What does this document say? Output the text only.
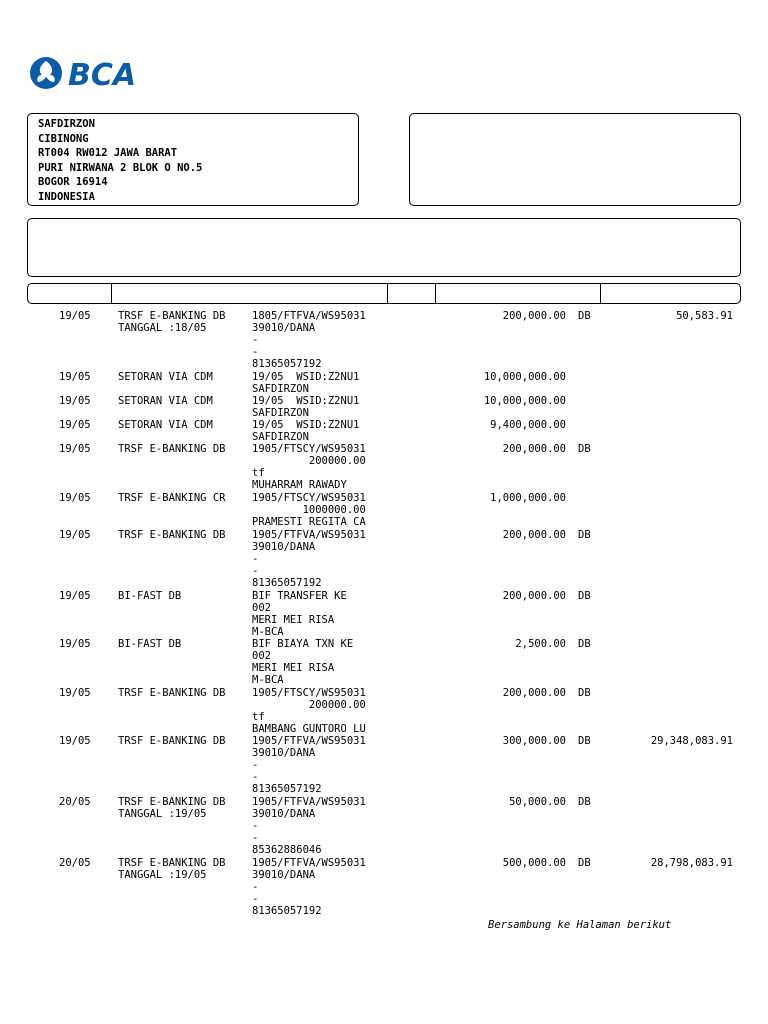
BANK BCA BCA
SAFDIRZON
CIBINONG
RT004 RW012 JAWA BARAT
PURI NIRWANA 2 BLOK O NO.5
BOGOR 16914
INDONESIA
19/05	TRSF E-BANKING DB
TANGGAL :18/05
1805/FTFVA/WS95031
39010/DANA
-
-
81365057192
200,000.00 DB	50,583.91
19/05	SETORAN VIA CDM	19/05  WSID:Z2NU1
SAFDIRZON
10,000,000.00
19/05	SETORAN VIA CDM	19/05  WSID:Z2NU1
SAFDIRZON
10,000,000.00
19/05	SETORAN VIA CDM	19/05  WSID:Z2NU1
SAFDIRZON
9,400,000.00
19/05	TRSF E-BANKING DB	1905/FTSCY/WS95031
200000.00
tf
MUHARRAM RAWADY
200,000.00 DB
19/05	TRSF E-BANKING CR	1905/FTSCY/WS95031
1000000.00
PRAMESTI REGITA CA
1,000,000.00
19/05	TRSF E-BANKING DB	1905/FTFVA/WS95031
39010/DANA
-
-
81365057192
200,000.00 DB
19/05	BI-FAST DB	BIF TRANSFER KE
002
MERI MEI RISA
M-BCA
200,000.00 DB
19/05	BI-FAST DB	BIF BIAYA TXN KE
002
MERI MEI RISA
M-BCA
2,500.00 DB
19/05	TRSF E-BANKING DB	1905/FTSCY/WS95031
200000.00
tf
BAMBANG GUNTORO LU
200,000.00 DB
19/05	TRSF E-BANKING DB	1905/FTFVA/WS95031
39010/DANA
-
-
81365057192
300,000.00 DB	29,348,083.91
20/05	TRSF E-BANKING DB
TANGGAL :19/05
1905/FTFVA/WS95031
39010/DANA
-
-
85362886046
50,000.00 DB
20/05	TRSF E-BANKING DB
TANGGAL :19/05
1905/FTFVA/WS95031
39010/DANA
-
-
81365057192
500,000.00 DB	28,798,083.91
Bersambung ke Halaman berikut
